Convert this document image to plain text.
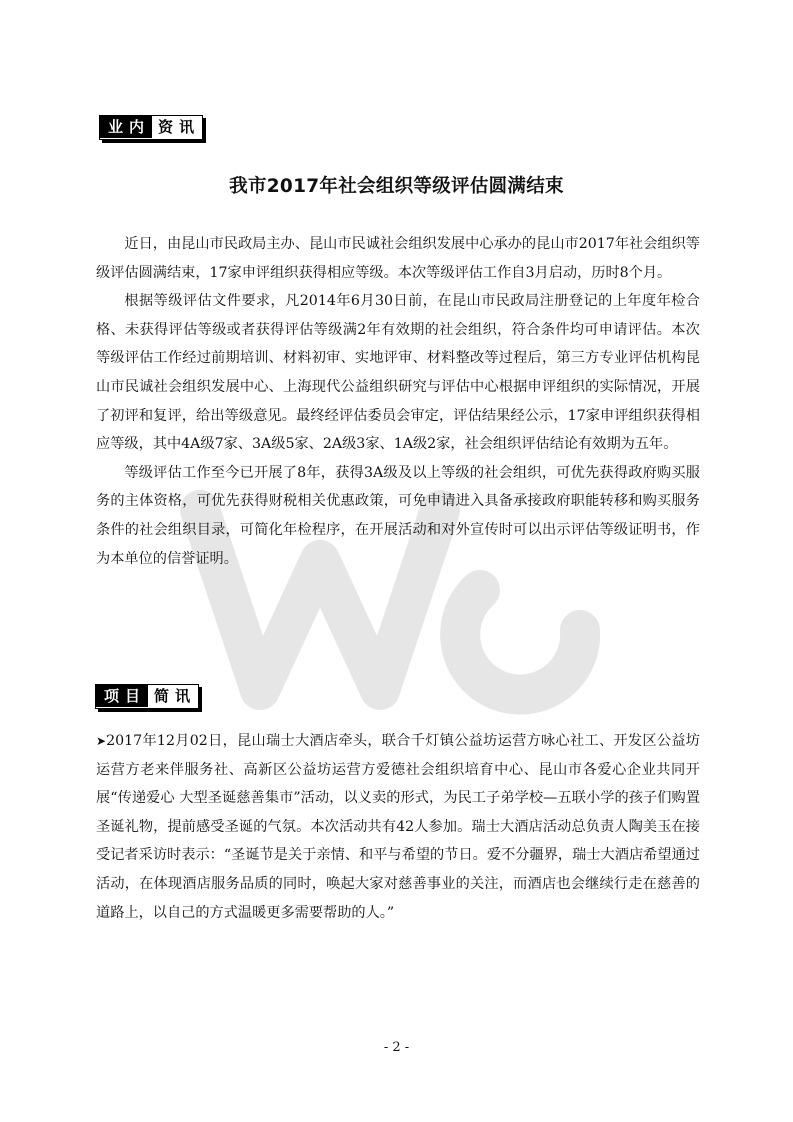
业内 资讯
我市2017年社会组织等级评估圆满结束

近日，由昆山市民政局主办、昆山市民诚社会组织发展中心承办的昆山市2017年社会组织等级评估圆满结束，17家申评组织获得相应等级。本次等级评估工作自3月启动，历时8个月。

根据等级评估文件要求，凡2014年6月30日前，在昆山市民政局注册登记的上年度年检合格、未获得评估等级或者获得评估等级满2年有效期的社会组织，符合条件均可申请评估。本次等级评估工作经过前期培训、材料初审、实地评审、材料整改等过程后，第三方专业评估机构昆山市民诚社会组织发展中心、上海现代公益组织研究与评估中心根据申评组织的实际情况，开展了初评和复评，给出等级意见。最终经评估委员会审定，评估结果经公示，17家申评组织获得相应等级，其中4A级7家、3A级5家、2A级3家、1A级2家，社会组织评估结论有效期为五年。

等级评估工作至今已开展了8年，获得3A级及以上等级的社会组织，可优先获得政府购买服务的主体资格，可优先获得财税相关优惠政策，可免申请进入具备承接政府职能转移和购买服务条件的社会组织目录，可简化年检程序，在开展活动和对外宣传时可以出示评估等级证明书，作为本单位的信誉证明。

项目 简讯

➤2017年12月02日，昆山瑞士大酒店牵头，联合千灯镇公益坊运营方咏心社工、开发区公益坊运营方老来伴服务社、高新区公益坊运营方爱德社会组织培育中心、昆山市各爱心企业共同开展“传递爱心 大型圣诞慈善集市”活动，以义卖的形式，为民工子弟学校—五联小学的孩子们购置圣诞礼物，提前感受圣诞的气氛。本次活动共有42人参加。瑞士大酒店活动总负责人陶美玉在接受记者采访时表示：“圣诞节是关于亲情、和平与希望的节日。爱不分疆界，瑞士大酒店希望通过活动，在体现酒店服务品质的同时，唤起大家对慈善事业的关注，而酒店也会继续行走在慈善的道路上，以自己的方式温暖更多需要帮助的人。”

- 2 -
